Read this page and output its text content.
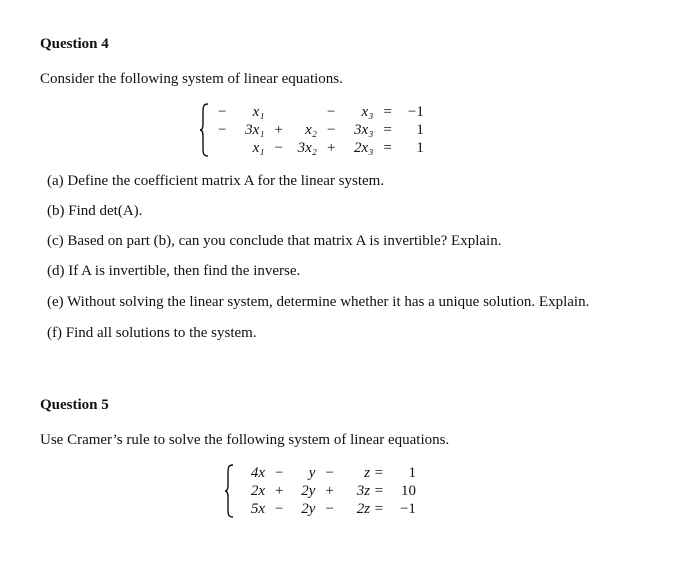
Question 4
Consider the following system of linear equations.
−	x₁			−	x₃	=	−1
−	3x₁	+	x₂	−	3x₃	=	1
	x₁	−	3x₂	+	2x₃	=	1
(a) Define the coefficient matrix A for the linear system.
(b) Find det(A).
(c) Based on part (b), can you conclude that matrix A is invertible? Explain.
(d) If A is invertible, then find the inverse.
(e) Without solving the linear system, determine whether it has a unique solution. Explain.
(f) Find all solutions to the system.
Question 5
Use Cramer’s rule to solve the following system of linear equations.
4x	−	y	−	z =	1
2x	+	2y	+	3z =	10
5x	−	2y	−	2z =	−1
